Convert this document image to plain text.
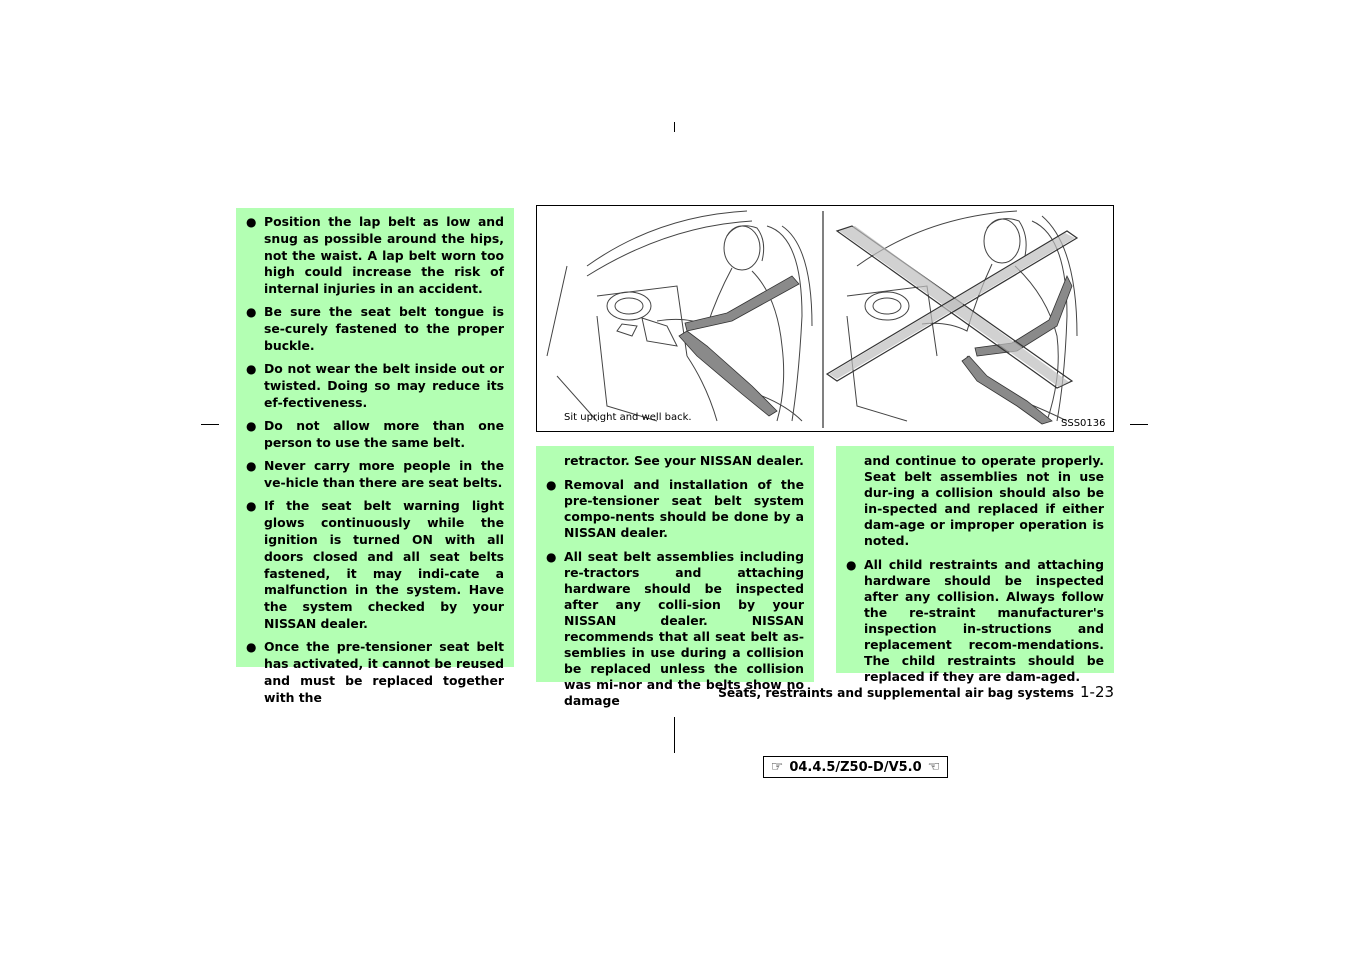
● Position the lap belt as low and snug as possible around the hips, not the waist. A lap belt worn too high could increase the risk of internal injuries in an accident.
● Be sure the seat belt tongue is se-curely fastened to the proper buckle.
● Do not wear the belt inside out or twisted. Doing so may reduce its ef-fectiveness.
● Do not allow more than one person to use the same belt.
● Never carry more people in the ve-hicle than there are seat belts.
● If the seat belt warning light glows continuously while the ignition is turned ON with all doors closed and all seat belts fastened, it may indi-cate a malfunction in the system. Have the system checked by your NISSAN dealer.
● Once the pre-tensioner seat belt has activated, it cannot be reused and must be replaced together with the
Sit upright and well back.
SSS0136
retractor. See your NISSAN dealer.
● Removal and installation of the pre-tensioner seat belt system compo-nents should be done by a NISSAN dealer.
● All seat belt assemblies including re-tractors and attaching hardware should be inspected after any colli-sion by your NISSAN dealer. NISSAN recommends that all seat belt as-semblies in use during a collision be replaced unless the collision was mi-nor and the belts show no damage
and continue to operate properly. Seat belt assemblies not in use dur-ing a collision should also be in-spected and replaced if either dam-age or improper operation is noted.
● All child restraints and attaching hardware should be inspected after any collision. Always follow the re-straint manufacturer's inspection in-structions and replacement recom-mendations. The child restraints should be replaced if they are dam-aged.
Seats, restraints and supplemental air bag systems 1-23
☞ 04.4.5/Z50-D/V5.0 ☜
